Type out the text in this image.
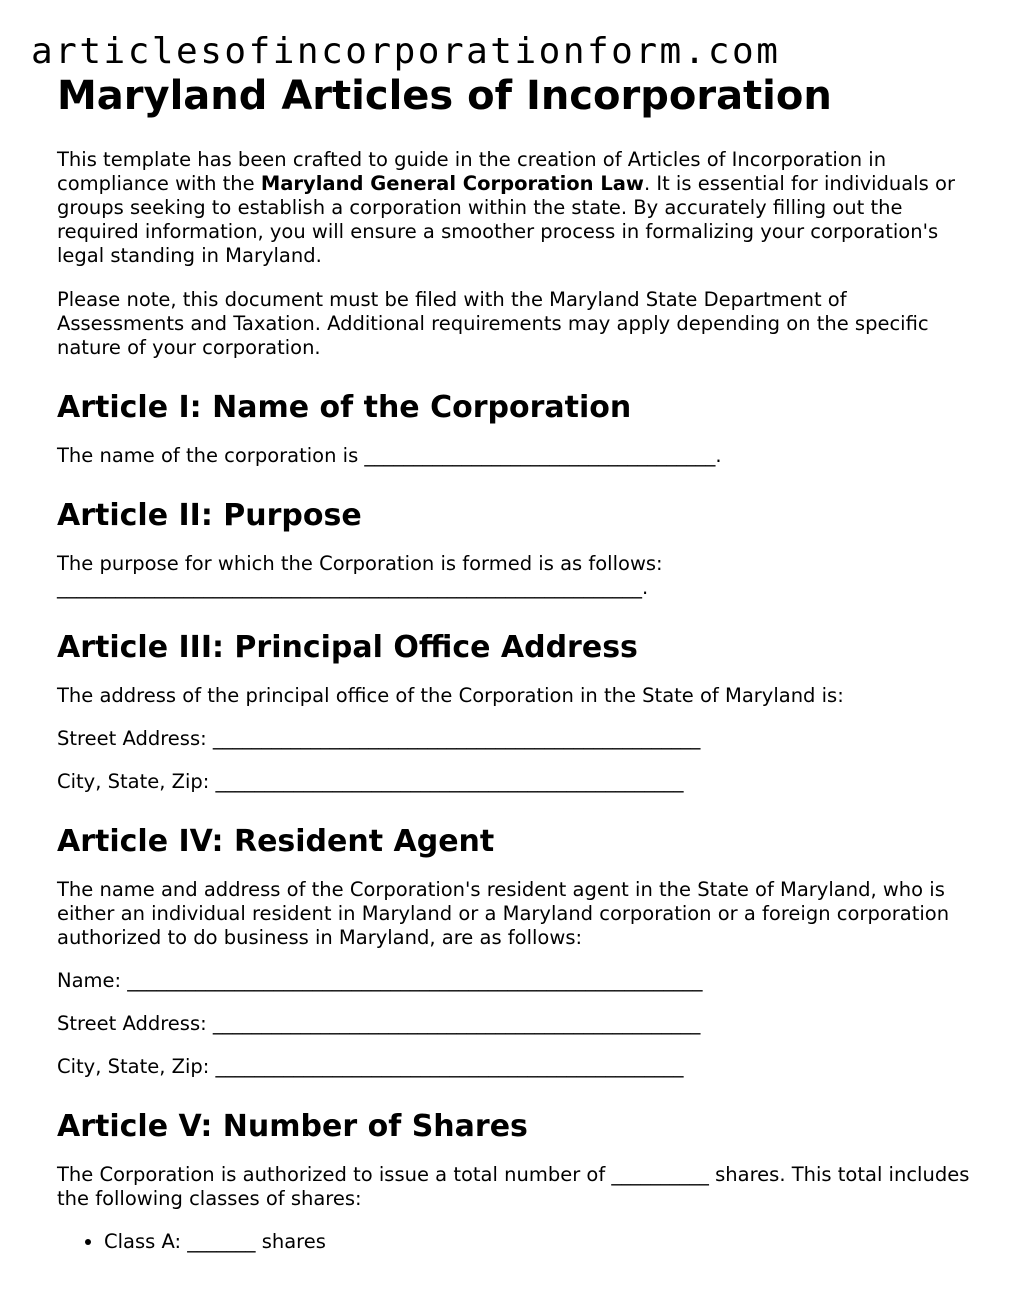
articlesofincorporationform.com
Maryland Articles of Incorporation

This template has been crafted to guide in the creation of Articles of Incorporation in compliance with the Maryland General Corporation Law. It is essential for individuals or groups seeking to establish a corporation within the state. By accurately filling out the required information, you will ensure a smoother process in formalizing your corporation's legal standing in Maryland.

Please note, this document must be filed with the Maryland State Department of Assessments and Taxation. Additional requirements may apply depending on the specific nature of your corporation.

Article I: Name of the Corporation

The name of the corporation is ____________________________________.

Article II: Purpose

The purpose for which the Corporation is formed is as follows:
____________________________________________________________.

Article III: Principal Office Address

The address of the principal office of the Corporation in the State of Maryland is:

Street Address: __________________________________________________

City, State, Zip: ________________________________________________

Article IV: Resident Agent

The name and address of the Corporation's resident agent in the State of Maryland, who is either an individual resident in Maryland or a Maryland corporation or a foreign corporation authorized to do business in Maryland, are as follows:

Name: ___________________________________________________________

Street Address: __________________________________________________

City, State, Zip: ________________________________________________

Article V: Number of Shares

The Corporation is authorized to issue a total number of __________ shares. This total includes the following classes of shares:

• Class A: _______ shares
